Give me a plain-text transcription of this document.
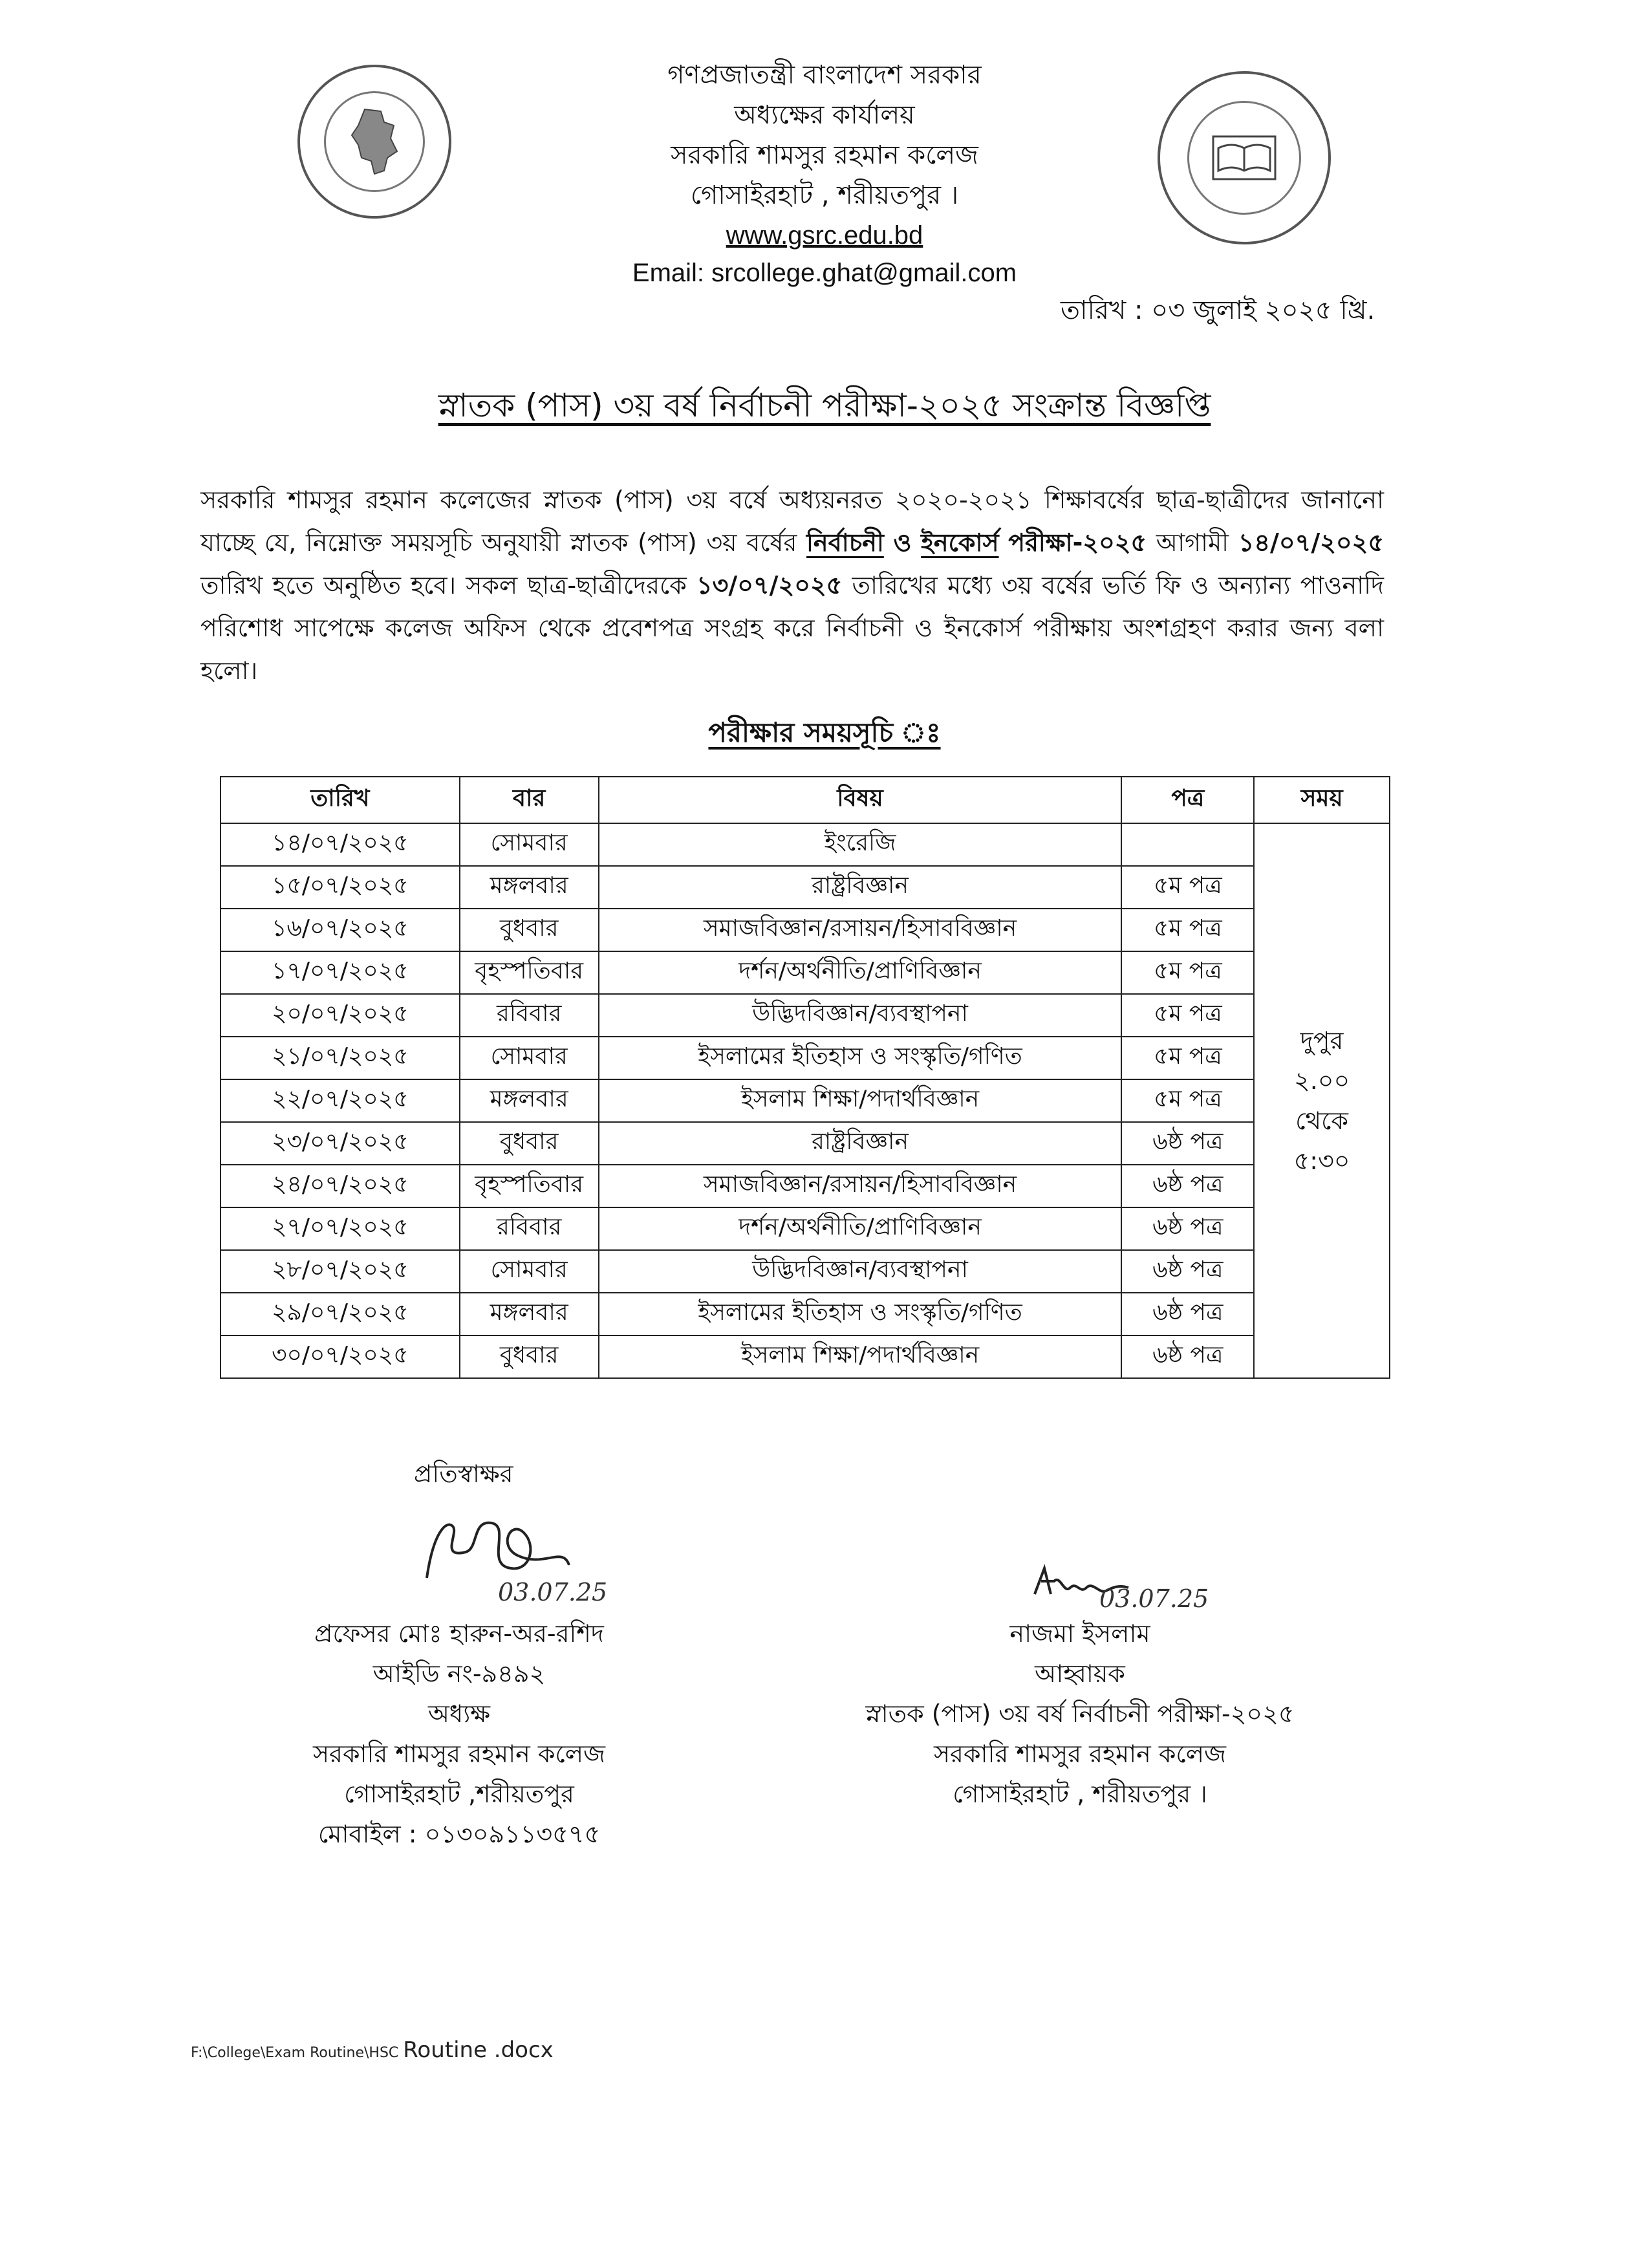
গণপ্রজাতন্ত্রী বাংলাদেশ সরকার
অধ্যক্ষের কার্যালয়
সরকারি শামসুর রহমান কলেজ
গোসাইরহাট , শরীয়তপুর ।
www.gsrc.edu.bd
Email: srcollege.ghat@gmail.com
তারিখ : ০৩ জুলাই ২০২৫ খ্রি.
স্নাতক (পাস) ৩য় বর্ষ নির্বাচনী পরীক্ষা-২০২৫ সংক্রান্ত বিজ্ঞপ্তি
সরকারি শামসুর রহমান কলেজের স্নাতক (পাস) ৩য় বর্ষে অধ্যয়নরত ২০২০-২০২১ শিক্ষাবর্ষের ছাত্র-ছাত্রীদের জানানো যাচ্ছে যে, নিম্নোক্ত সময়সূচি অনুযায়ী স্নাতক (পাস) ৩য় বর্ষের নির্বাচনী ও ইনকোর্স পরীক্ষা-২০২৫ আগামী ১৪/০৭/২০২৫ তারিখ হতে অনুষ্ঠিত হবে। সকল ছাত্র-ছাত্রীদেরকে ১৩/০৭/২০২৫ তারিখের মধ্যে ৩য় বর্ষের ভর্তি ফি ও অন্যান্য পাওনাদি পরিশোধ সাপেক্ষে কলেজ অফিস থেকে প্রবেশপত্র সংগ্রহ করে নির্বাচনী ও ইনকোর্স পরীক্ষায় অংশগ্রহণ করার জন্য বলা হলো।
পরীক্ষার সময়সূচি ঃ
তারিখ	বার	বিষয়	পত্র	সময়
১৪/০৭/২০২৫	সোমবার	ইংরেজি		দুপুর
২.০০
থেকে
৫:৩০

১৫/০৭/২০২৫	মঙ্গলবার	রাষ্ট্রবিজ্ঞান	৫ম পত্র	
১৬/০৭/২০২৫	বুধবার	সমাজবিজ্ঞান/রসায়ন/হিসাববিজ্ঞান	৫ম পত্র	
১৭/০৭/২০২৫	বৃহস্পতিবার	দর্শন/অর্থনীতি/প্রাণিবিজ্ঞান	৫ম পত্র	
২০/০৭/২০২৫	রবিবার	উদ্ভিদবিজ্ঞান/ব্যবস্থাপনা	৫ম পত্র	
২১/০৭/২০২৫	সোমবার	ইসলামের ইতিহাস ও সংস্কৃতি/গণিত	৫ম পত্র	
২২/০৭/২০২৫	মঙ্গলবার	ইসলাম শিক্ষা/পদার্থবিজ্ঞান	৫ম পত্র	
২৩/০৭/২০২৫	বুধবার	রাষ্ট্রবিজ্ঞান	৬ষ্ঠ পত্র	
২৪/০৭/২০২৫	বৃহস্পতিবার	সমাজবিজ্ঞান/রসায়ন/হিসাববিজ্ঞান	৬ষ্ঠ পত্র	
২৭/০৭/২০২৫	রবিবার	দর্শন/অর্থনীতি/প্রাণিবিজ্ঞান	৬ষ্ঠ পত্র	
২৮/০৭/২০২৫	সোমবার	উদ্ভিদবিজ্ঞান/ব্যবস্থাপনা	৬ষ্ঠ পত্র	
২৯/০৭/২০২৫	মঙ্গলবার	ইসলামের ইতিহাস ও সংস্কৃতি/গণিত	৬ষ্ঠ পত্র	
৩০/০৭/২০২৫	বুধবার	ইসলাম শিক্ষা/পদার্থবিজ্ঞান	৬ষ্ঠ পত্র	
প্রতিস্বাক্ষর
03.07.25
প্রফেসর মোঃ হারুন-অর-রশিদ
আইডি নং-৯৪৯২
অধ্যক্ষ
সরকারি শামসুর রহমান কলেজ
গোসাইরহাট ,শরীয়তপুর
মোবাইল : ০১৩০৯১১৩৫৭৫
03.07.25
নাজমা ইসলাম
আহ্বায়ক
স্নাতক (পাস) ৩য় বর্ষ নির্বাচনী পরীক্ষা-২০২৫
সরকারি শামসুর রহমান কলেজ
গোসাইরহাট , শরীয়তপুর ।
F:\College\Exam Routine\HSC Routine .docx
